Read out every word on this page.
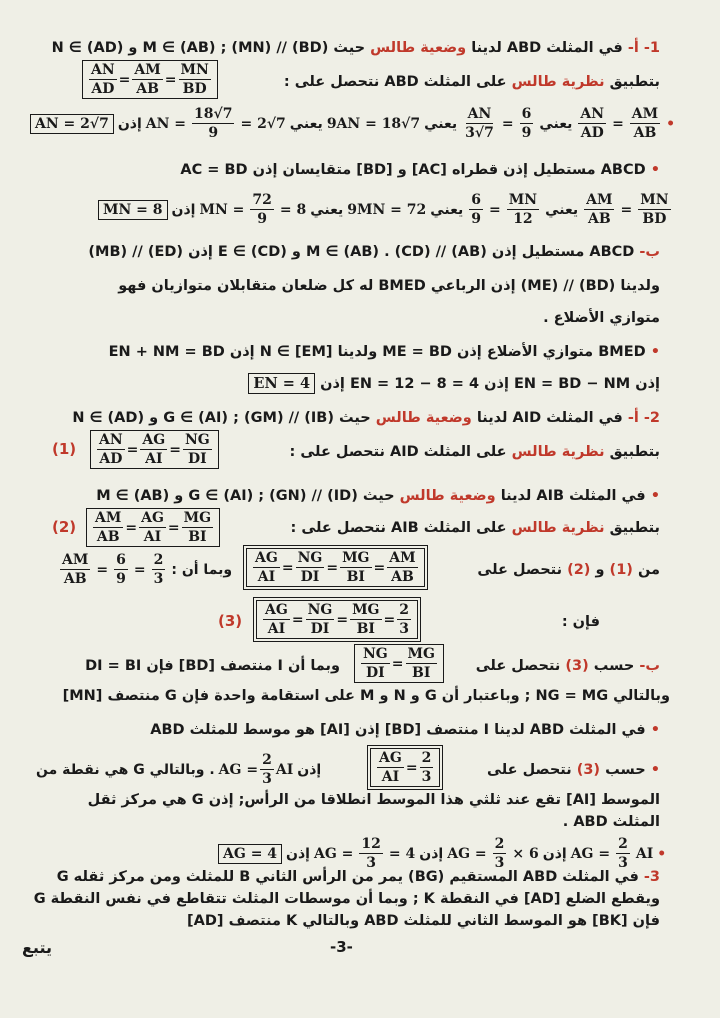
1- أ- في المثلث ABD لدينا وضعية طالس حيث (BD) // (MN) ; M ∈ (AB) و N ∈ (AD)
بتطبيق نظرية طالس على المثلث ABD نتحصل على :
$\frac{AN}{AD} = \frac{AM}{AB} = \frac{MN}{BD}$
AN = 2√7 إذن AN = $\frac{18√7}{9} = 2√7$ يعني 9AN = 18√7 يعني $\frac{AN}{3√7} = \frac{6}{9}$ يعني $\frac{AN}{AD} = \frac{AM}{AB}$ •
• ABCD مستطيل إذن قطراه [AC] و [BD] متقايسان إذن AC = BD
MN = 8 إذن MN = $\frac{72}{9} = 8$ يعني 9MN = 72 يعني $\frac{6}{9} = \frac{MN}{12}$ يعني $\frac{AM}{AB} = \frac{MN}{BD}$
ب- ABCD مستطيل إذن (AB) // (CD) . M ∈ (AB) و E ∈ (CD) إذن (ED) // (MB)
ولدينا (BD) // (ME) إذن الرباعي BMED له كل ضلعان متقابلان متوازيان فهو
متوازي الأضلاع .
• BMED متوازي الأضلاع إذن ME = BD ولدينا N ∈ [EM] إذن EN + NM = BD
إذن EN = BD − NM إذن EN = 12 − 8 = 4 إذن EN = 4
2- أ- في المثلث AID لدينا وضعية طالس حيث (IB) // (GM) ; G ∈ (AI) و N ∈ (AD)
بتطبيق نظرية طالس على المثلث AID نتحصل على :
$\frac{AN}{AD} = \frac{AG}{AI} = \frac{NG}{DI}$
(1)
• في المثلث AIB لدينا وضعية طالس حيث (ID) // (GN) ; G ∈ (AI) و M ∈ (AB)
بتطبيق نظرية طالس على المثلث AIB نتحصل على :
$\frac{AM}{AB} = \frac{AG}{AI} = \frac{MG}{BI}$
(2)
من (1) و (2) نتحصل على
$\frac{AG}{AI} = \frac{NG}{DI} = \frac{MG}{BI} = \frac{AM}{AB}$
$\frac{AM}{AB} = \frac{6}{9} = \frac{2}{3}$ : وبما أن
فإن :
$\frac{AG}{AI} = \frac{NG}{DI} = \frac{MG}{BI} = \frac{2}{3}$
(3)
ب- حسب (3) نتحصل على
$\frac{NG}{DI} = \frac{MG}{BI}$
وبما أن I منتصف [BD] فإن DI = BI
وبالتالي NG = MG ; وباعتبار أن G و N و M على استقامة واحدة فإن G منتصف [MN]
• في المثلث ABD لدينا I منتصف [BD] إذن [AI] هو موسط للمثلث ABD
• حسب (3) نتحصل على
$\frac{AG}{AI} = \frac{2}{3}$
إذن
AG = $\frac{2}{3}$ AI
. وبالتالي G هي نقطة من
الموسط [AI] تقع عند ثلثي هذا الموسط انطلاقا من الرأس; إذن G هي مركز ثقل
المثلث ABD .
AG = 4 إذن AG = $\frac{12}{3} = 4$ إذن AG = $\frac{2}{3} \times 6$ إذن AG = $\frac{2}{3}$ AI •
3- في المثلث ABD المستقيم (BG) يمر من الرأس الثاني B للمثلث ومن مركز ثقله G ويقطع الضلع [AD] في النقطة K ; وبما أن موسطات المثلث تتقاطع في نفس النقطة G فإن [BK] هو الموسط الثاني للمثلث ABD وبالتالي K منتصف [AD]
يتبع	-3-
